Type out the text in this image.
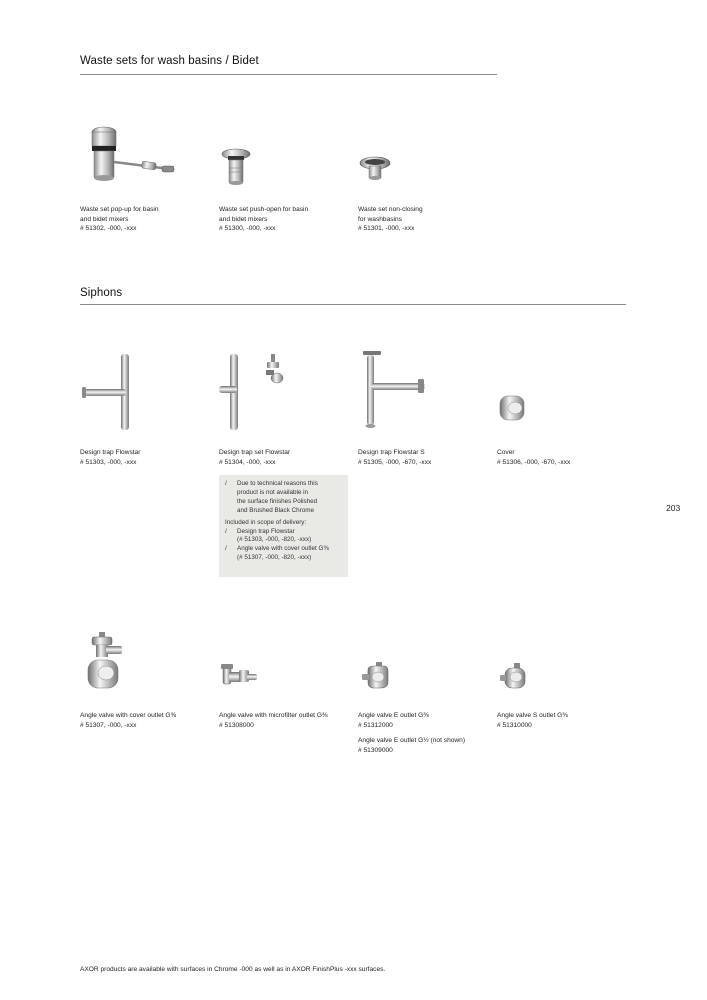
Waste sets for wash basins / Bidet
Waste set pop-up for basin
and bidet mixers
# 51302, -000, -xxx
Waste set push-open for basin
and bidet mixers
# 51300, -000, -xxx
Waste set non-closing
for washbasins
# 51301, -000, -xxx
Siphons
Design trap Flowstar
# 51303, -000, -xxx
Design trap set Flowstar
# 51304, -000, -xxx
Design trap Flowstar S
# 51305, -000, -670, -xxx
Cover
# 51306, -000, -670, -xxx
/ Due to technical reasons this
product is not available in
the surface finishes Polished
and Brushed Black Chrome
Included in scope of delivery:
/ Design trap Flowstar
(# 51303, -000, -820, -xxx)
/ Angle valve with cover outlet G⅜
(# 51307, -000, -820, -xxx)
203
Angle valve with cover outlet G⅜
# 51307, -000, -xxx
Angle valve with microfilter outlet G⅜
# 51308000
Angle valve E outlet G⅜
# 51312000
Angle valve E outlet G½ (not shown)
# 51309000
Angle valve S outlet G⅜
# 51310000
AXOR products are available with surfaces in Chrome -000 as well as in AXOR FinishPlus -xxx surfaces.
